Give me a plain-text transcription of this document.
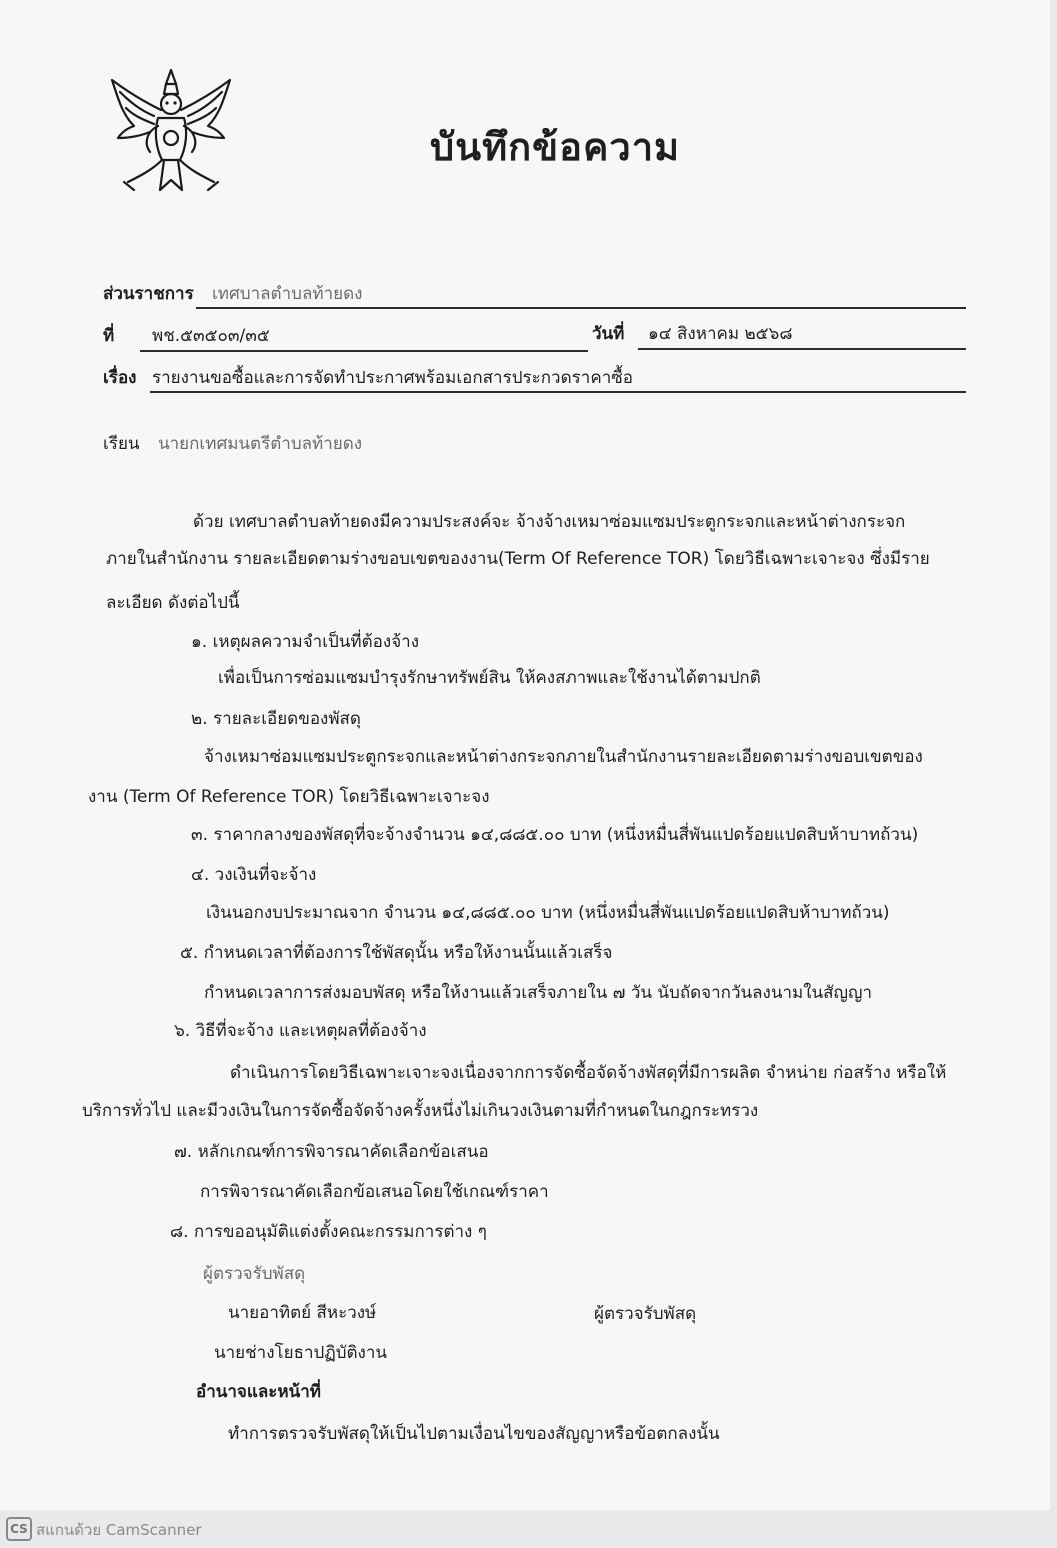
บันทึกข้อความ
ส่วนราชการ เทศบาลตำบลท้ายดง
ที่ พช.๕๓๕๐๓/๓๕	วันที่ ๑๔ สิงหาคม ๒๕๖๘
เรื่อง รายงานขอซื้อและการจัดทำประกาศพร้อมเอกสารประกวดราคาซื้อ
เรียน นายกเทศมนตรีตำบลท้ายดง
ด้วย เทศบาลตำบลท้ายดงมีความประสงค์จะ จ้างจ้างเหมาซ่อมแซมประตูกระจกและหน้าต่างกระจก
ภายในสำนักงาน รายละเอียดตามร่างขอบเขตของงาน(Term Of Reference TOR) โดยวิธีเฉพาะเจาะจง ซึ่งมีราย
ละเอียด ดังต่อไปนี้
๑. เหตุผลความจำเป็นที่ต้องจ้าง
เพื่อเป็นการซ่อมแซมบำรุงรักษาทรัพย์สิน ให้คงสภาพและใช้งานได้ตามปกติ
๒. รายละเอียดของพัสดุ
จ้างเหมาซ่อมแซมประตูกระจกและหน้าต่างกระจกภายในสำนักงานรายละเอียดตามร่างขอบเขตของ
งาน (Term Of Reference TOR) โดยวิธีเฉพาะเจาะจง
๓. ราคากลางของพัสดุที่จะจ้างจำนวน ๑๔,๘๘๕.๐๐ บาท (หนึ่งหมื่นสี่พันแปดร้อยแปดสิบห้าบาทถ้วน)
๔. วงเงินที่จะจ้าง
เงินนอกงบประมาณจาก จำนวน ๑๔,๘๘๕.๐๐ บาท (หนึ่งหมื่นสี่พันแปดร้อยแปดสิบห้าบาทถ้วน)
๕. กำหนดเวลาที่ต้องการใช้พัสดุนั้น หรือให้งานนั้นแล้วเสร็จ
กำหนดเวลาการส่งมอบพัสดุ หรือให้งานแล้วเสร็จภายใน ๗ วัน นับถัดจากวันลงนามในสัญญา
๖. วิธีที่จะจ้าง และเหตุผลที่ต้องจ้าง
ดำเนินการโดยวิธีเฉพาะเจาะจงเนื่องจากการจัดซื้อจัดจ้างพัสดุที่มีการผลิต จำหน่าย ก่อสร้าง หรือให้
บริการทั่วไป และมีวงเงินในการจัดซื้อจัดจ้างครั้งหนึ่งไม่เกินวงเงินตามที่กำหนดในกฎกระทรวง
๗. หลักเกณฑ์การพิจารณาคัดเลือกข้อเสนอ
การพิจารณาคัดเลือกข้อเสนอโดยใช้เกณฑ์ราคา
๘. การขออนุมัติแต่งตั้งคณะกรรมการต่าง ๆ
ผู้ตรวจรับพัสดุ
นายอาทิตย์ สีหะวงษ์	ผู้ตรวจรับพัสดุ
นายช่างโยธาปฏิบัติงาน
อำนาจและหน้าที่
ทำการตรวจรับพัสดุให้เป็นไปตามเงื่อนไขของสัญญาหรือข้อตกลงนั้น
CS สแกนด้วย CamScanner
